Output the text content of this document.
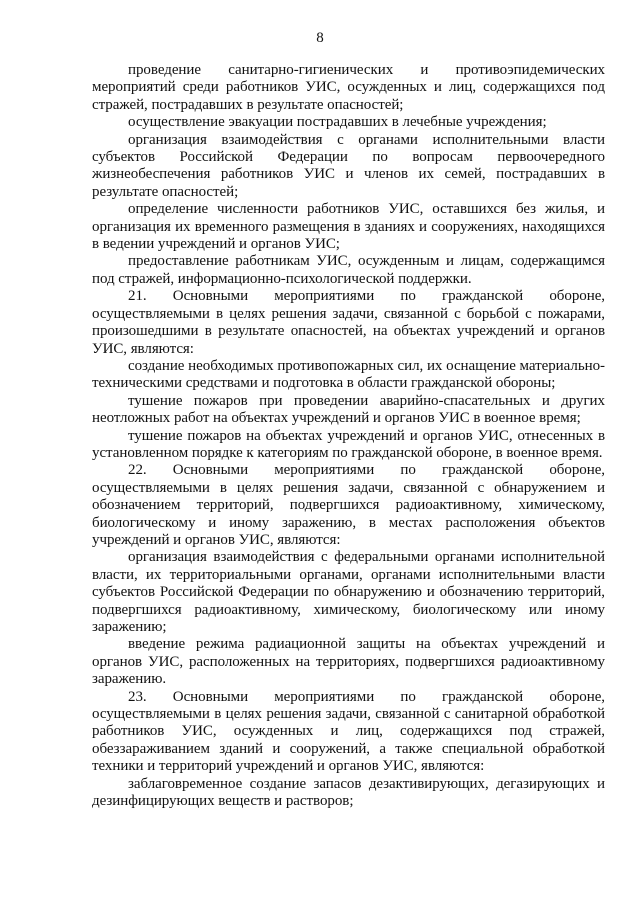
8

проведение санитарно-гигиенических и противоэпидемических мероприятий среди работников УИС, осужденных и лиц, содержащихся под стражей, пострадавших в результате опасностей;

осуществление эвакуации пострадавших в лечебные учреждения;

организация взаимодействия с органами исполнительными власти субъектов Российской Федерации по вопросам первоочередного жизнеобеспечения работников УИС и членов их семей, пострадавших в результате опасностей;

определение численности работников УИС, оставшихся без жилья, и организация их временного размещения в зданиях и сооружениях, находящихся в ведении учреждений и органов УИС;

предоставление работникам УИС, осужденным и лицам, содержащимся под стражей, информационно-психологической поддержки.

21. Основными мероприятиями по гражданской обороне, осуществляемыми в целях решения задачи, связанной с борьбой с пожарами, произошедшими в результате опасностей, на объектах учреждений и органов УИС, являются:

создание необходимых противопожарных сил, их оснащение материально-техническими средствами и подготовка в области гражданской обороны;

тушение пожаров при проведении аварийно-спасательных и других неотложных работ на объектах учреждений и органов УИС в военное время;

тушение пожаров на объектах учреждений и органов УИС, отнесенных в установленном порядке к категориям по гражданской обороне, в военное время.

22. Основными мероприятиями по гражданской обороне, осуществляемыми в целях решения задачи, связанной с обнаружением и обозначением территорий, подвергшихся радиоактивному, химическому, биологическому и иному заражению, в местах расположения объектов учреждений и органов УИС, являются:

организация взаимодействия с федеральными органами исполнительной власти, их территориальными органами, органами исполнительными власти субъектов Российской Федерации по обнаружению и обозначению территорий, подвергшихся радиоактивному, химическому, биологическому или иному заражению;

введение режима радиационной защиты на объектах учреждений и органов УИС, расположенных на территориях, подвергшихся радиоактивному заражению.

23. Основными мероприятиями по гражданской обороне, осуществляемыми в целях решения задачи, связанной с санитарной обработкой работников УИС, осужденных и лиц, содержащихся под стражей, обеззараживанием зданий и сооружений, а также специальной обработкой техники и территорий учреждений и органов УИС, являются:

заблаговременное создание запасов дезактивирующих, дегазирующих и дезинфицирующих веществ и растворов;
